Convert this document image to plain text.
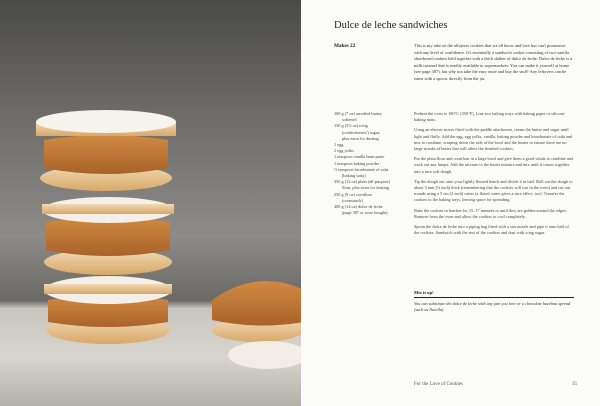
Dulce de leche sandwiches
Makes 22	This is my take on the alfajores cookies that we all know and love but can't pronounce with any level of confidence. It's essentially a sandwich cookie consisting of two vanilla shortbread cookies held together with a thick slather of dulce de leche. Dulce de leche is a milk caramel that is readily available in supermarkets. You can make it yourself at home (see page 387), but why not take the easy route and buy the stuff! Any leftovers can be eaten with a spoon, directly from the jar.
200 g (7 oz) unsalted butter,
softened
150 g (5½ oz) icing
(confectioners') sugar,
plus extra for dusting
1 egg
2 egg yolks
1 teaspoon vanilla bean paste
1 teaspoon baking powder
½ teaspoon bicarbonate of soda
(baking soda)
350 g (12 oz) plain (all-purpose)
flour, plus extra for dusting
250 g (9 oz) cornflour
(cornstarch)
400 g (14 oz) dulce de leche
(page 387 or store bought)

Preheat the oven to 180°C (350°F). Line two baking trays with baking paper or silicone baking mats.

Using an electric mixer fitted with the paddle attachment, cream the butter and sugar until light and fluffy. Add the egg, egg yolks, vanilla, baking powder and bicarbonate of soda and mix to combine, scraping down the side of the bowl and the beater to ensure there are no large streaks of butter that will affect the finished cookies.

Put the plain flour and cornflour in a large bowl and give them a good whisk to combine and work out any lumps. Add the mixture to the butter mixture and mix until it comes together into a nice soft dough.

Tip the dough out onto your lightly floured bench and divide it in half. Roll out the dough to about 3 mm (⅛ inch) thick (remembering that the cookies will rise in the oven) and cut out rounds using a 5 cm (2 inch) cutter (a fluted cutter gives a nice effect, too). Transfer the cookies to the baking trays, leaving space for spreading.

Bake the cookies in batches for 15–17 minutes or until they are golden around the edges. Remove from the oven and allow the cookies to cool completely.

Spoon the dulce de leche into a piping bag fitted with a star nozzle and pipe it onto half of the cookies. Sandwich with the rest of the cookies and dust with icing sugar.

Mix it up!
You can substitute the dulce de leche with any jam you love or a chocolate hazelnut spread (such as Nutella).
For the Love of Cookies	35
